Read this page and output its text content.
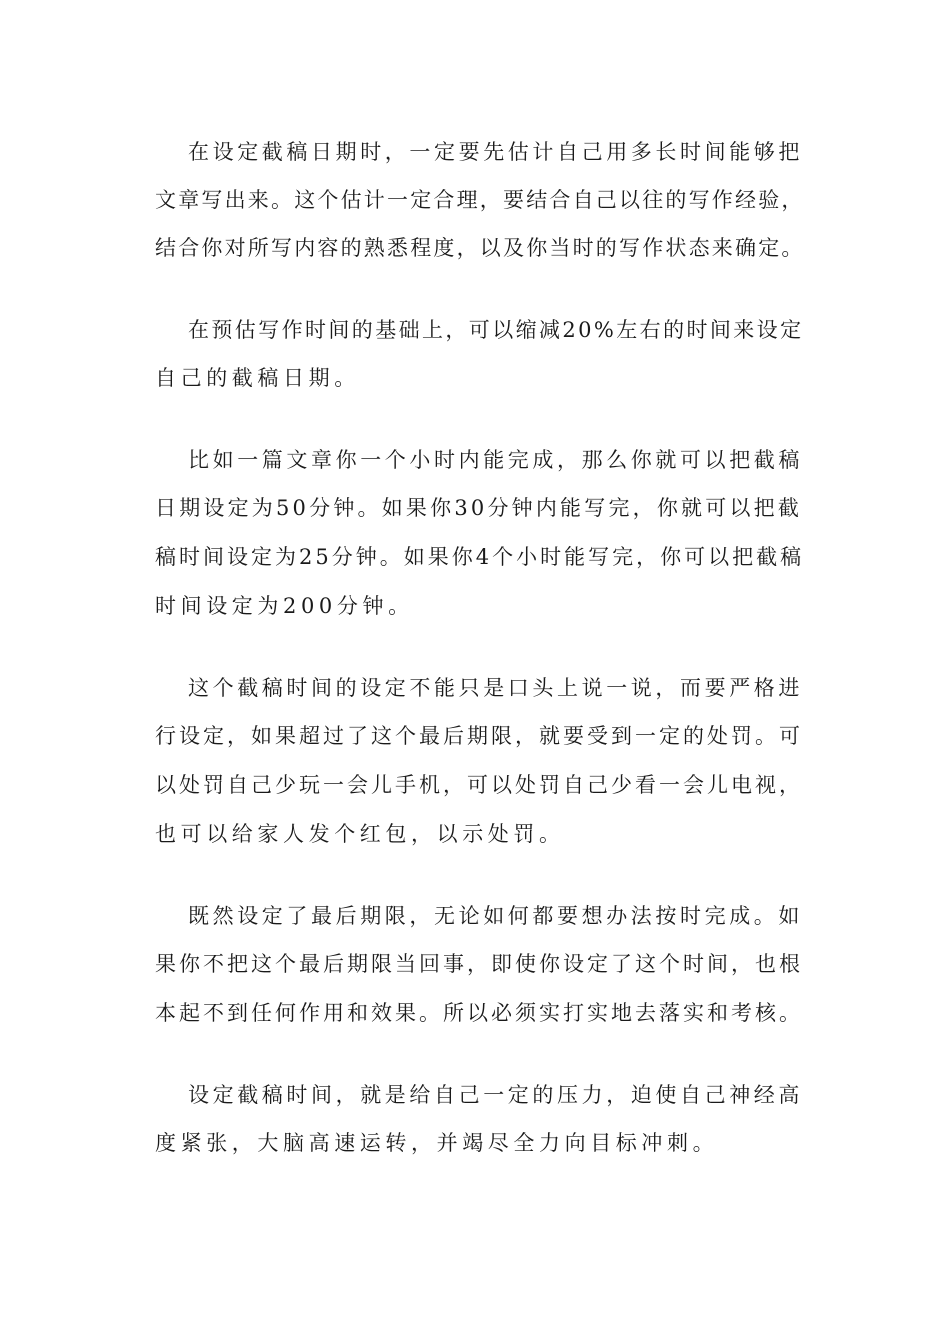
在设定截稿日期时，一定要先估计自己用多长时间能够把
文章写出来。这个估计一定合理，要结合自己以往的写作经验，
结合你对所写内容的熟悉程度，以及你当时的写作状态来确定。
在预估写作时间的基础上，可以缩减20%左右的时间来设定
自己的截稿日期。
比如一篇文章你一个小时内能完成，那么你就可以把截稿
日期设定为50分钟。如果你30分钟内能写完，你就可以把截
稿时间设定为25分钟。如果你4个小时能写完，你可以把截稿
时间设定为200分钟。
这个截稿时间的设定不能只是口头上说一说，而要严格进
行设定，如果超过了这个最后期限，就要受到一定的处罚。可
以处罚自己少玩一会儿手机，可以处罚自己少看一会儿电视，
也可以给家人发个红包，以示处罚。
既然设定了最后期限，无论如何都要想办法按时完成。如
果你不把这个最后期限当回事，即使你设定了这个时间，也根
本起不到任何作用和效果。所以必须实打实地去落实和考核。
设定截稿时间，就是给自己一定的压力，迫使自己神经高
度紧张，大脑高速运转，并竭尽全力向目标冲刺。
